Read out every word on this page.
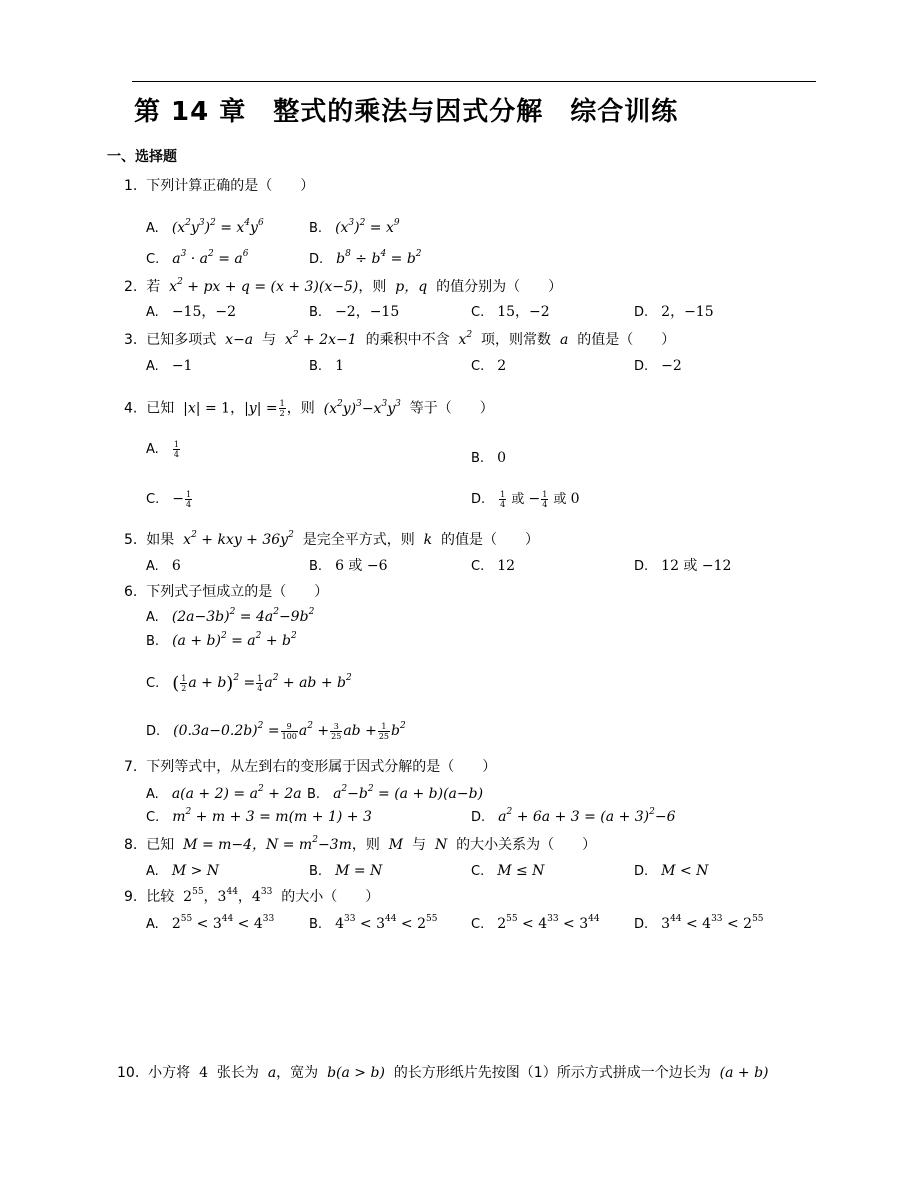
第 14 章　整式的乘法与因式分解　综合训练
一、选择题
1. 下列计算正确的是（　　）
A.　$(x^2y^3)^2 = x^4y^6$	B.　$(x^3)^2 = x^9$
C.　$a^3 \cdot a^2 = a^6$	D.　$b^8 \div b^4 = b^2$
2. 若 $x^2$ + px + q = (x + 3)(x−5)，则 p，q 的值分别为（　　）
A.　−15，−2	B.　−2，−15	C.　15，−2	D.　2，−15
3. 已知多项式 x−a 与 $x^2 + 2x-1$ 的乘积中不含 $x^2$ 项，则常数 a 的值是（　　）
A.　−1	B.　1	C.　2	D.　−2
4. 已知 |x| = 1，$|y| = \frac{1}{2}$ ，则  $(x^2y)^3-x^3y^3$ 等于（　　）
A.　 $\frac{1}{4}$	B.　0
C.　− $\frac{1}{4}$	D.　 $\frac{1}{4}$ 或 − $\frac{1}{4}$ 或 0
5. 如果 $x^2$ + kxy + $36y^2$ 是完全平方式，则 k 的值是（　　）
A.　6	B.　6 或 −6	C.　12	D.　12 或 −12
6. 下列式子恒成立的是（　　）
A.　$(2a-3b)^2 = 4a^2-9b^2$
B.　$(a + b)^2 = a^2 + b^2$
C.　( $\frac{1}{2}$ $a + b)^2 = \frac{1}{4} a^2$ + ab + $b^2$
D.　$(0.3a-0.2b)^2 = \frac{9}{100} a^2 + \frac{3}{25}$ ab + $\frac{1}{25} b^2$
7. 下列等式中，从左到右的变形属于因式分解的是（　　）
A.　$a(a + 2) = a^2 + 2a$ B.　$a^2-b^2 = (a + b)(a-b)$
C.　$m^2 + m + 3 = m(m + 1) + 3$	D.　$a^2 + 6a + 3 = (a + 3)^2-6$
8. 已知 M = m−4，$N = m^2-3m$，则 M 与 N 的大小关系为（　　）
A.　M > N	B.　M = N	C.　M ≤ N	D.　M < N
9. 比较 $2^{55}$，$3^{44}$，$4^{33}$ 的大小（　　）
A.　$2^{55} < 3^{44} < 4^{33}$	B.　$4^{33} < 3^{44} < 2^{55}$	C.　$2^{55} < 4^{33} < 3^{44}$	D.　$3^{44} < 4^{33} < 2^{55}$
10. 小方将 4 张长为 a，宽为  b(a > b) 的长方形纸片先按图（1）所示方式拼成一个边长为 (a + b)
